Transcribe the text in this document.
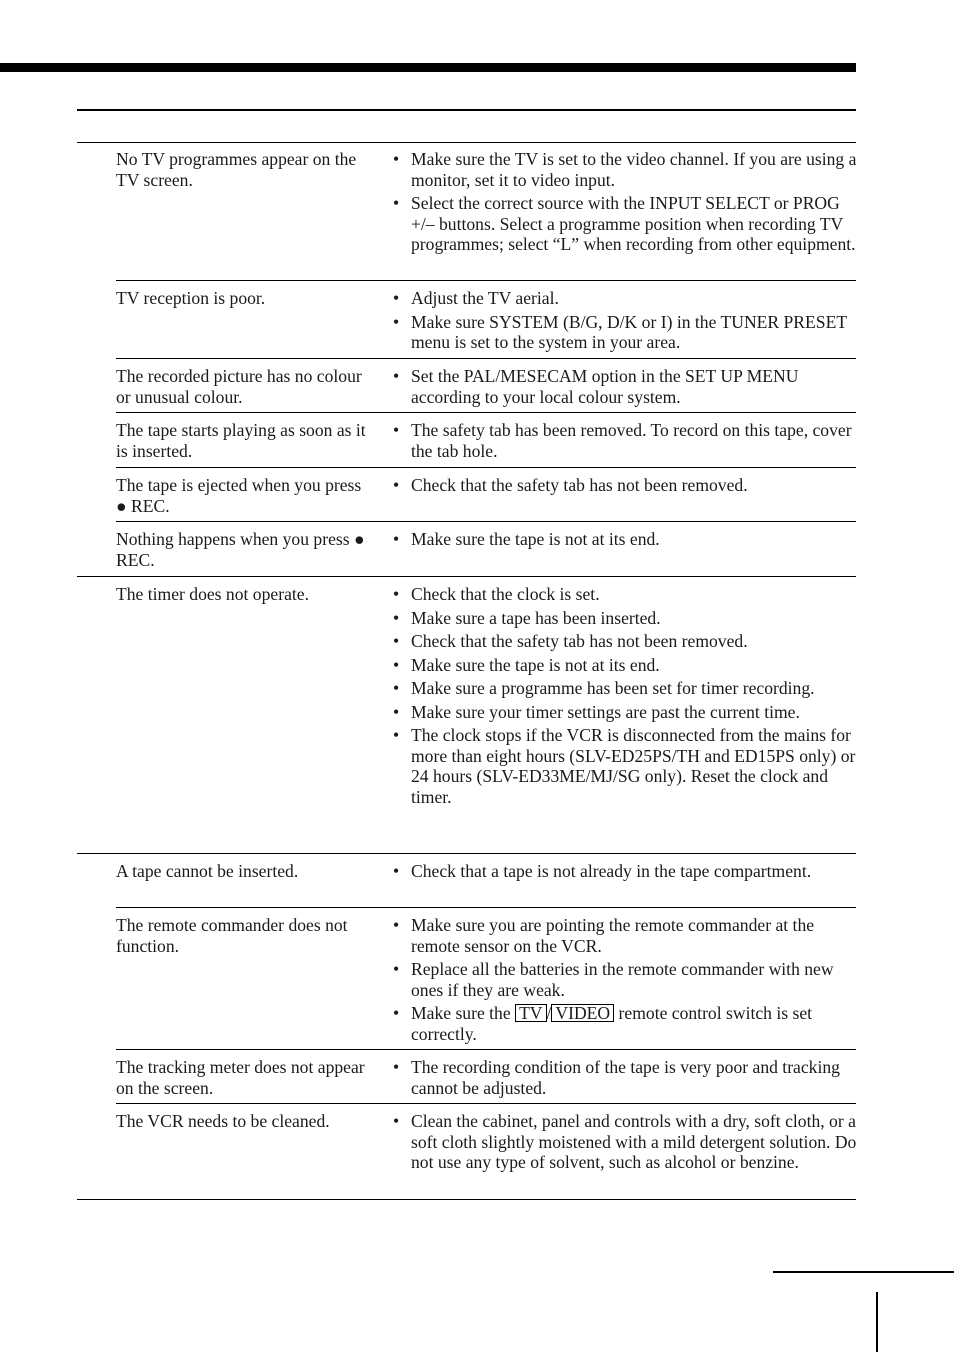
No TV programmes appear on the TV screen.
• Make sure the TV is set to the video channel. If you are using a monitor, set it to video input.
• Select the correct source with the INPUT SELECT or PROG +/– buttons. Select a programme position when recording TV programmes; select “L” when recording from other equipment.
TV reception is poor.	• Adjust the TV aerial.
• Make sure SYSTEM (B/G, D/K or I) in the TUNER PRESET menu is set to the system in your area.
The recorded picture has no colour or unusual colour.
• Set the PAL/MESECAM option in the SET UP MENU according to your local colour system.
The tape starts playing as soon as it is inserted.
• The safety tab has been removed. To record on this tape, cover the tab hole.
The tape is ejected when you press ● REC.
• Check that the safety tab has not been removed.
Nothing happens when you press ● REC.
• Make sure the tape is not at its end.
The timer does not operate.	• Check that the clock is set.
• Make sure a tape has been inserted.
• Check that the safety tab has not been removed.
• Make sure the tape is not at its end.
• Make sure a programme has been set for timer recording.
• Make sure your timer settings are past the current time.
• The clock stops if the VCR is disconnected from the mains for more than eight hours (SLV-ED25PS/TH and ED15PS only) or 24 hours (SLV-ED33ME/MJ/SG only). Reset the clock and timer.
A tape cannot be inserted.	• Check that a tape is not already in the tape compartment.
The remote commander does not function.
• Make sure you are pointing the remote commander at the remote sensor on the VCR.
• Replace all the batteries in the remote commander with new ones if they are weak.
• Make sure the TV / VIDEO remote control switch is set correctly.
The tracking meter does not appear on the screen.
• The recording condition of the tape is very poor and tracking cannot be adjusted.
The VCR needs to be cleaned.	• Clean the cabinet, panel and controls with a dry, soft cloth, or a soft cloth slightly moistened with a mild detergent solution. Do not use any type of solvent, such as alcohol or benzine.
